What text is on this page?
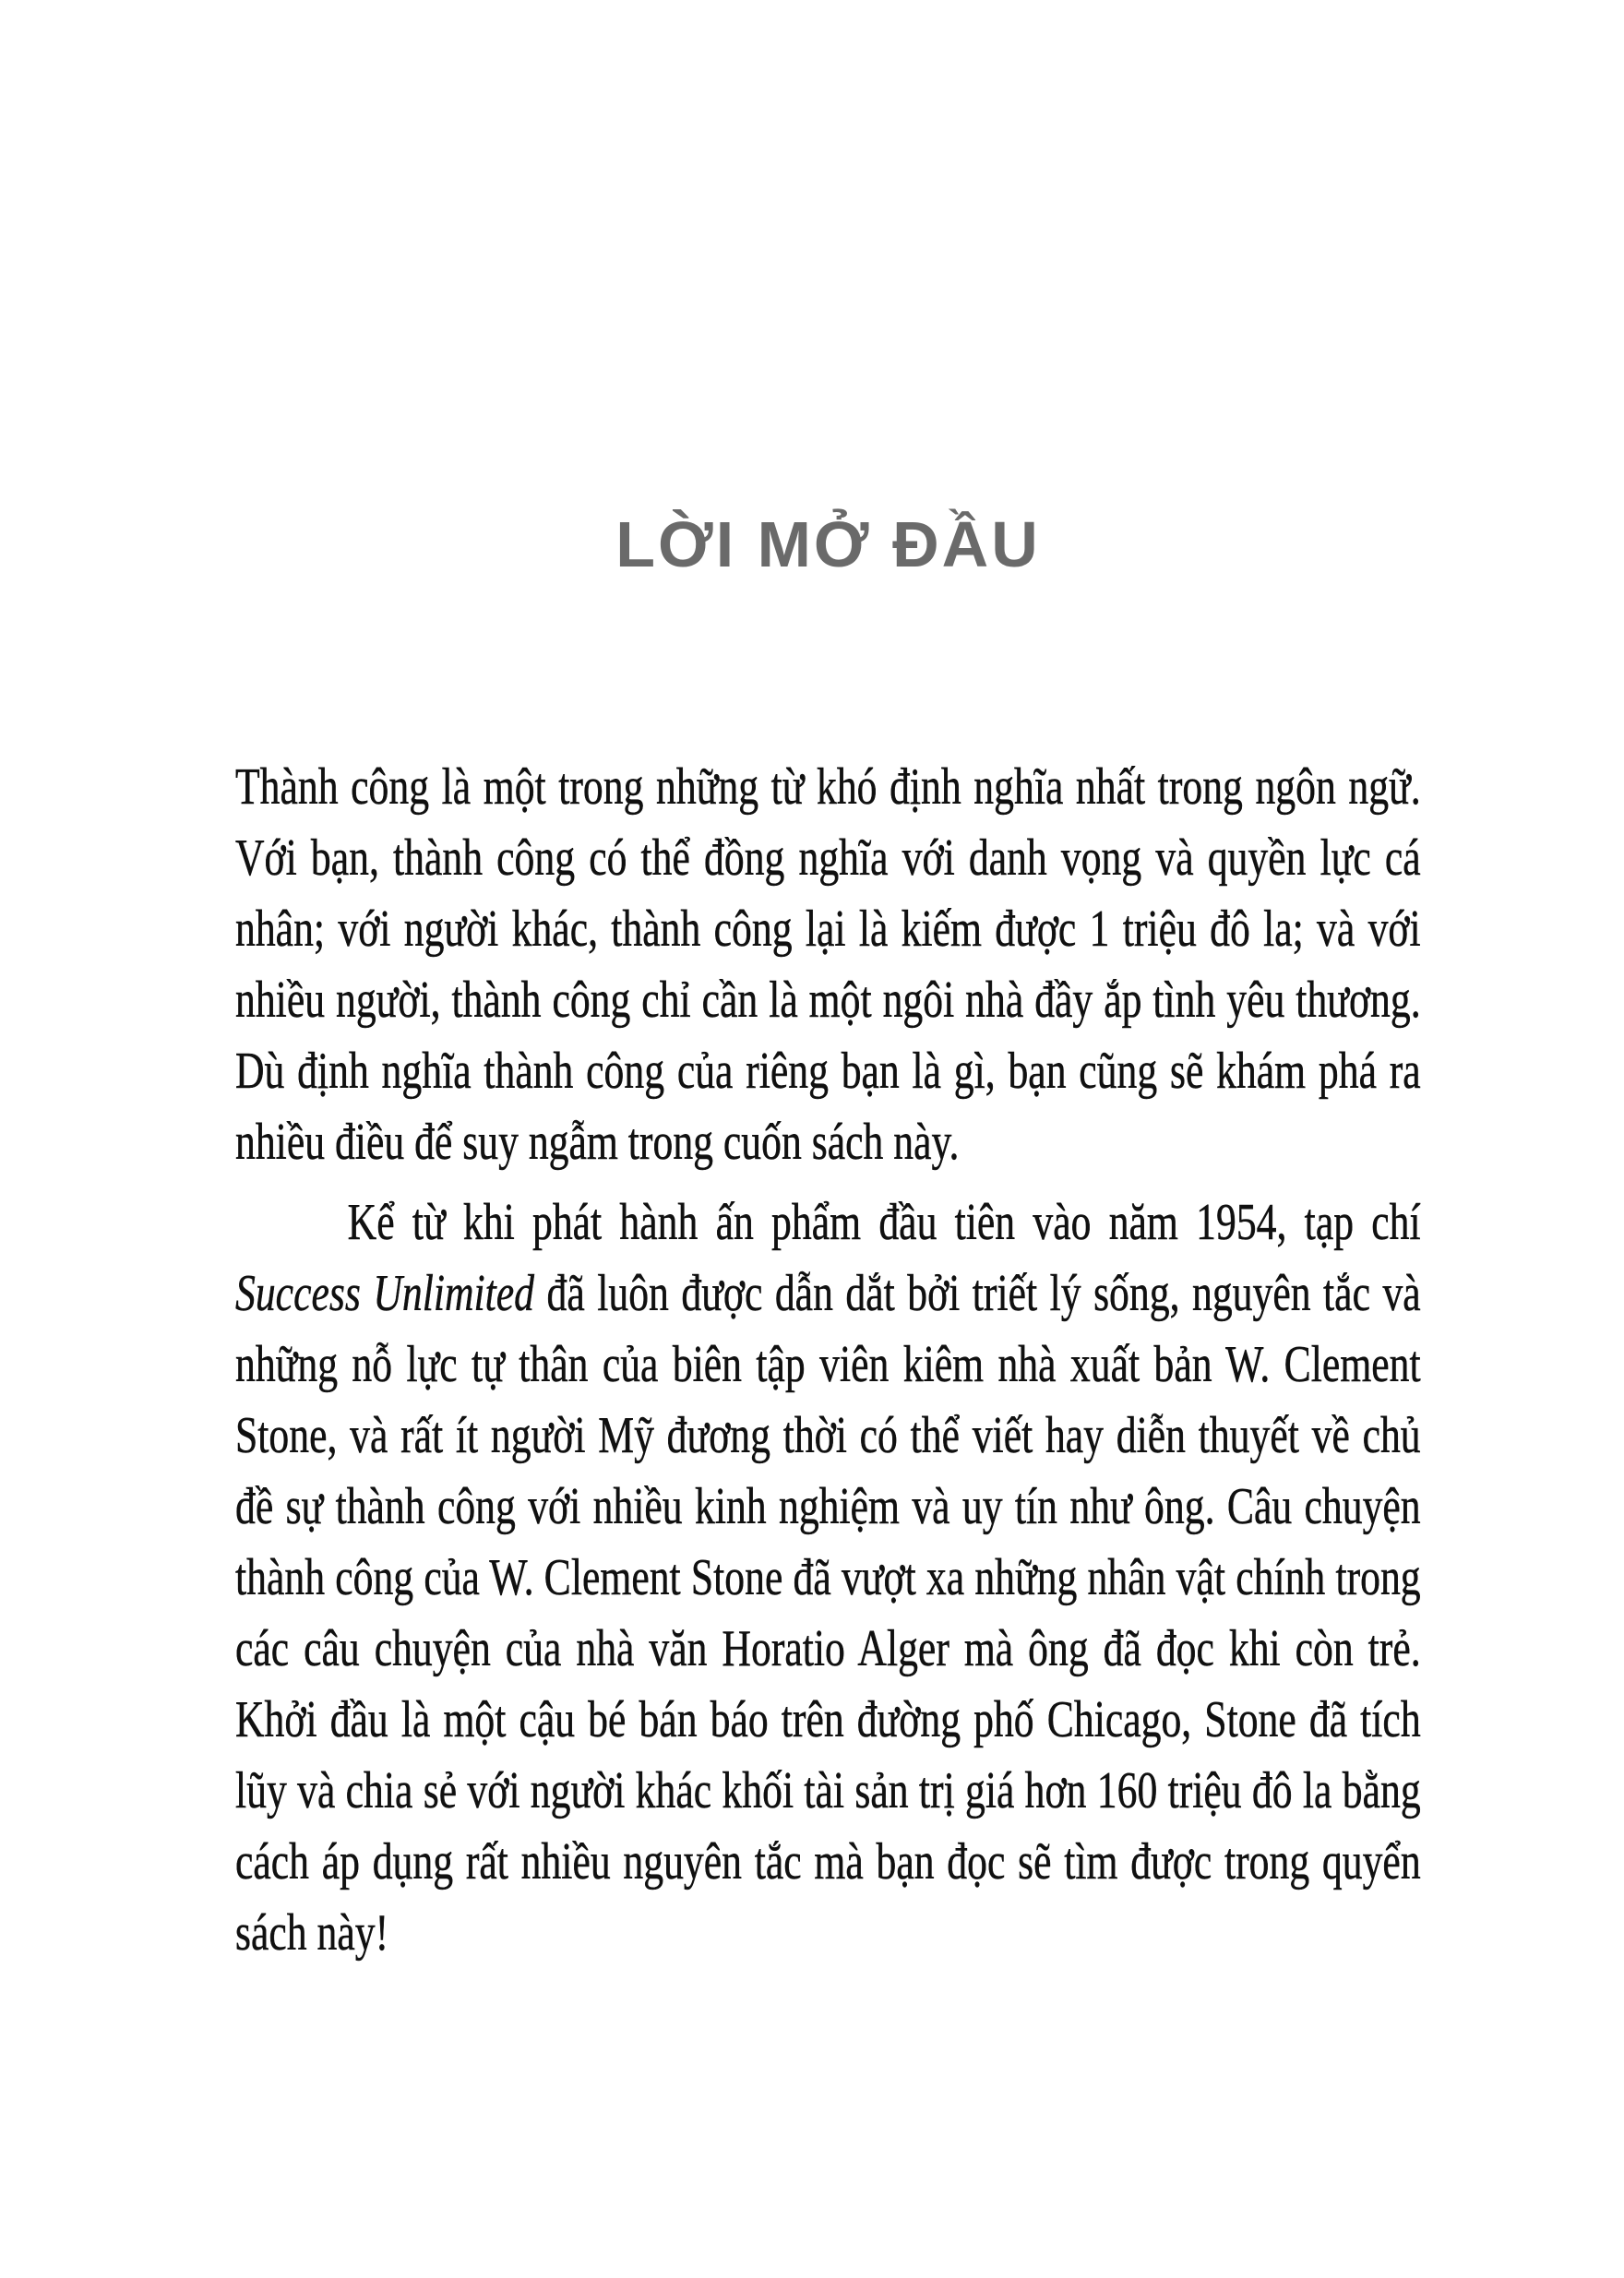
LỜI MỞ ĐẦU

Thành công là một trong những từ khó định nghĩa nhất trong ngôn ngữ. Với bạn, thành công có thể đồng nghĩa với danh vọng và quyền lực cá nhân; với người khác, thành công lại là kiếm được 1 triệu đô la; và với nhiều người, thành công chỉ cần là một ngôi nhà đầy ắp tình yêu thương. Dù định nghĩa thành công của riêng bạn là gì, bạn cũng sẽ khám phá ra nhiều điều để suy ngẫm trong cuốn sách này.

Kể từ khi phát hành ấn phẩm đầu tiên vào năm 1954, tạp chí Success Unlimited đã luôn được dẫn dắt bởi triết lý sống, nguyên tắc và những nỗ lực tự thân của biên tập viên kiêm nhà xuất bản W. Clement Stone, và rất ít người Mỹ đương thời có thể viết hay diễn thuyết về chủ đề sự thành công với nhiều kinh nghiệm và uy tín như ông. Câu chuyện thành công của W. Clement Stone đã vượt xa những nhân vật chính trong các câu chuyện của nhà văn Horatio Alger mà ông đã đọc khi còn trẻ. Khởi đầu là một cậu bé bán báo trên đường phố Chicago, Stone đã tích lũy và chia sẻ với người khác khối tài sản trị giá hơn 160 triệu đô la bằng cách áp dụng rất nhiều nguyên tắc mà bạn đọc sẽ tìm được trong quyển sách này!
